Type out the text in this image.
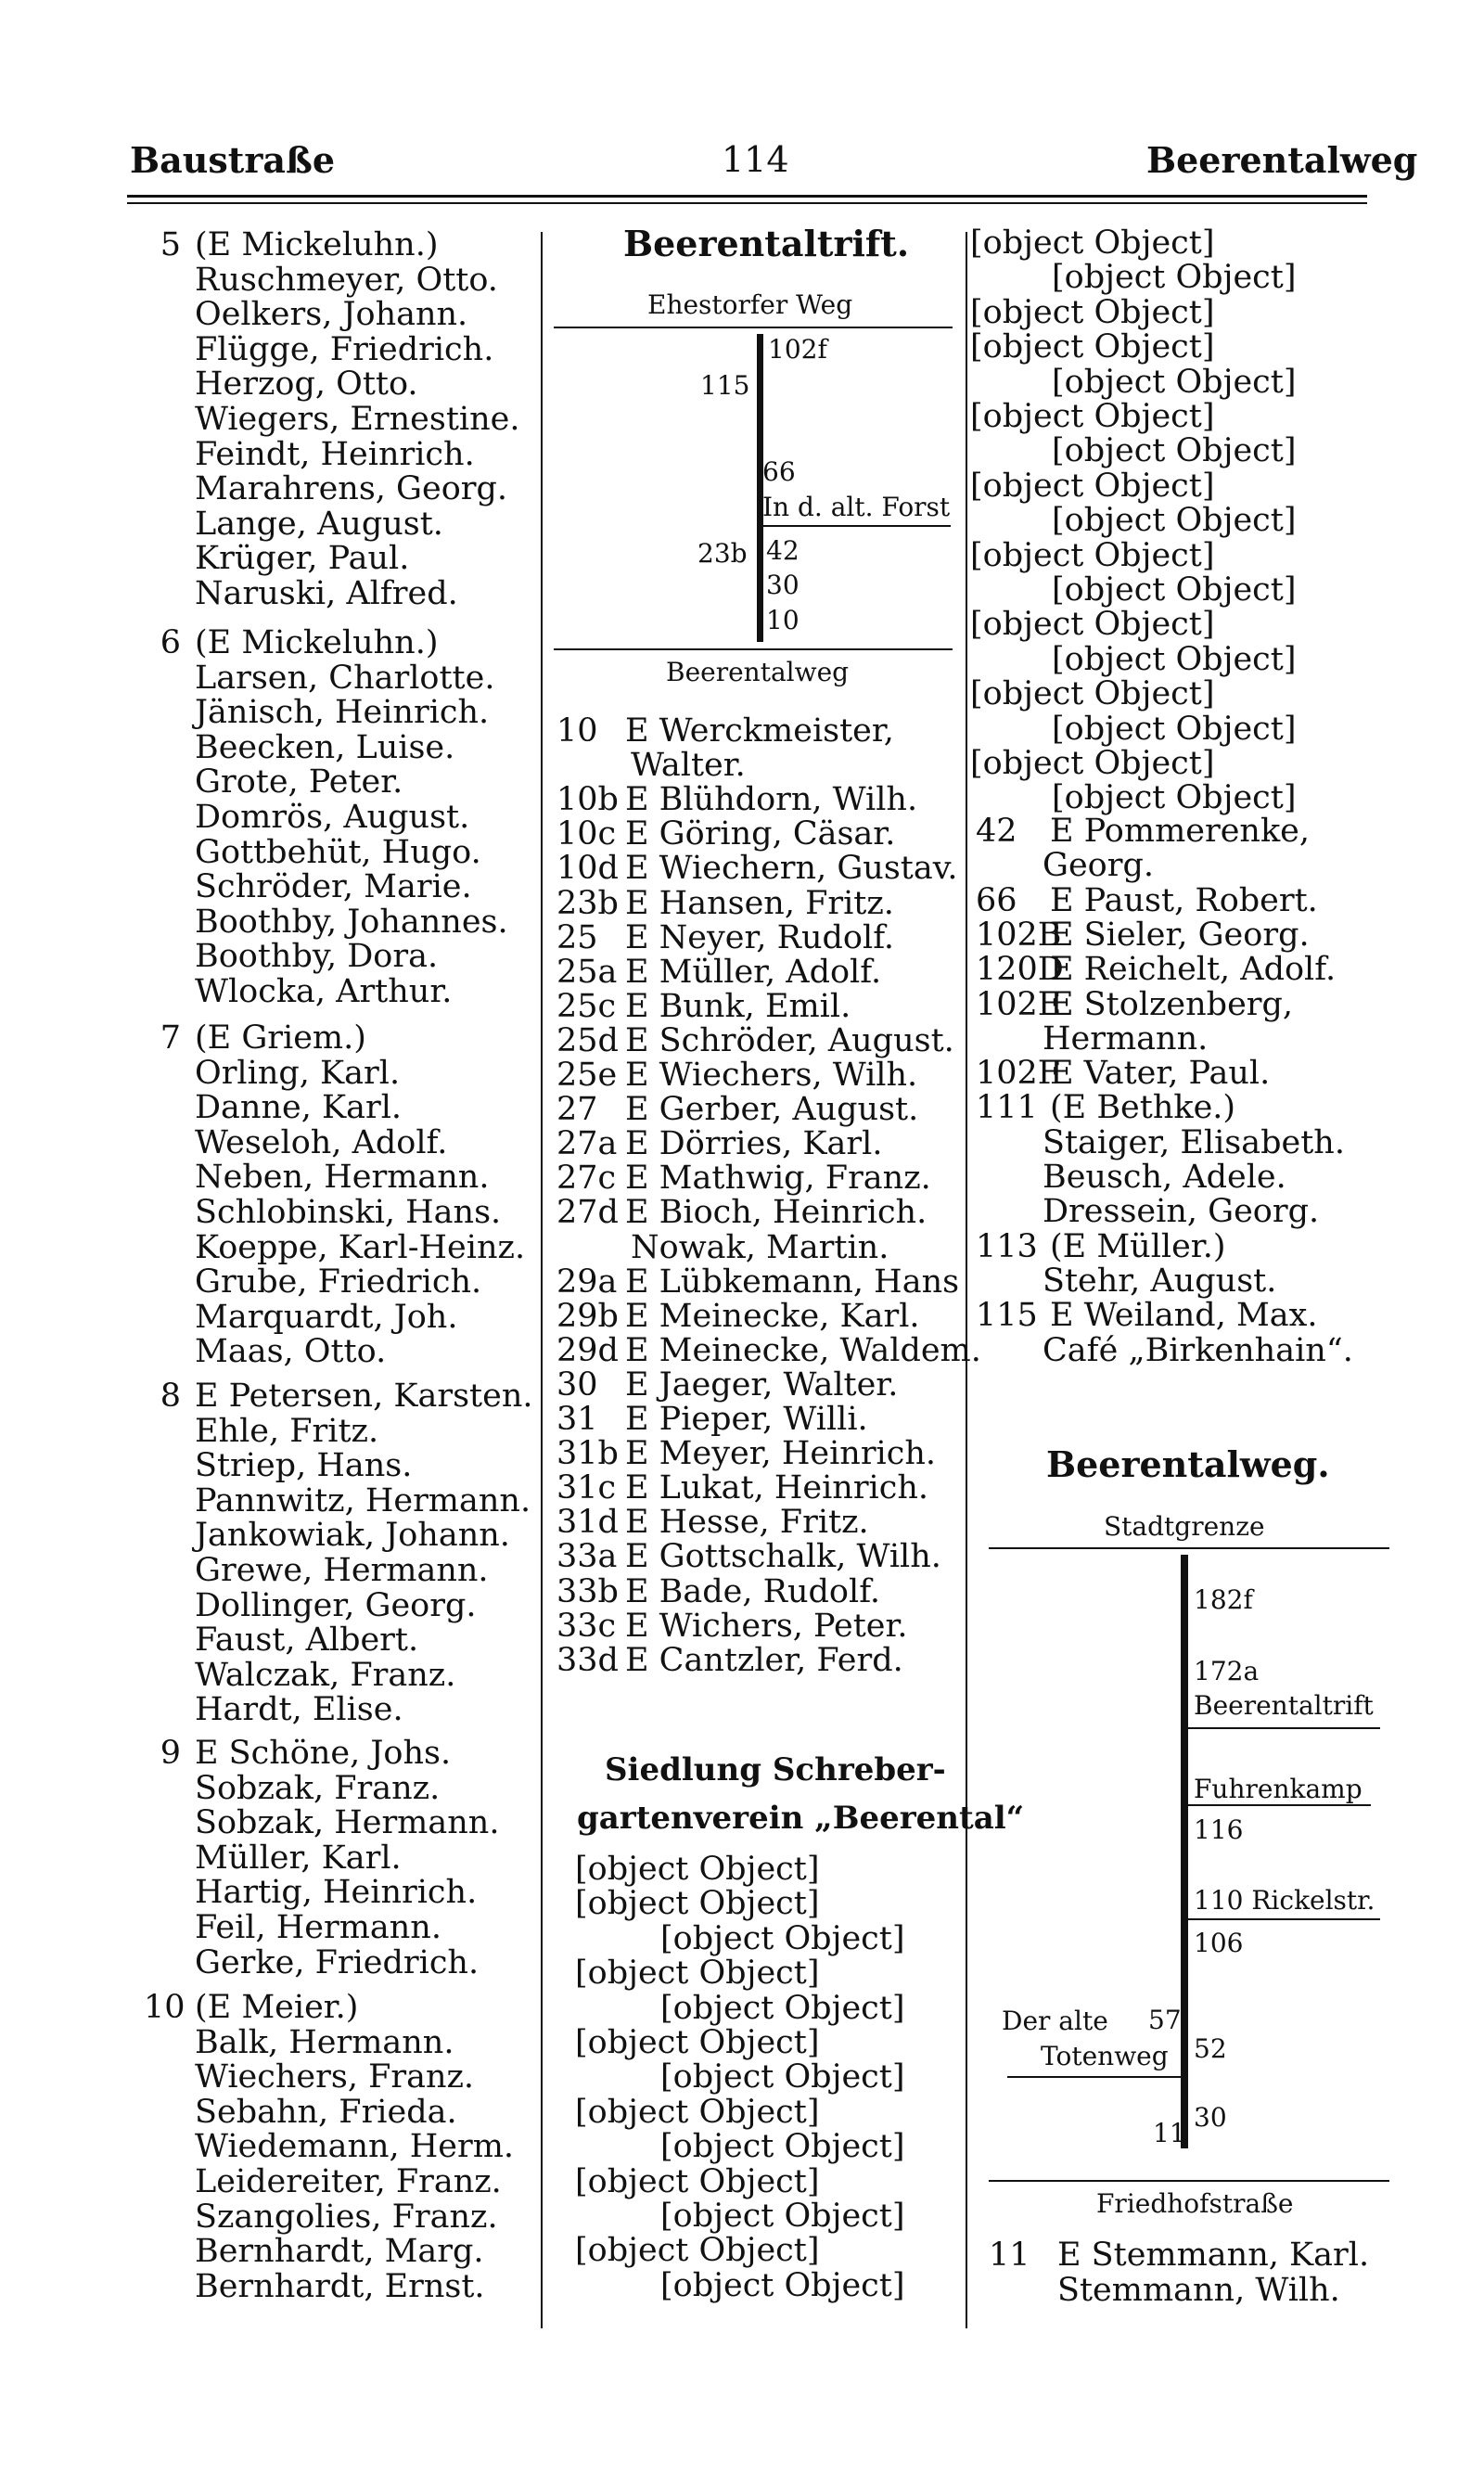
Baustraße	114	Beerentalweg
5 (E Mickeluhn.)
Ruschmeyer, Otto.
Oelkers, Johann.
Flügge, Friedrich.
Herzog, Otto.
Wiegers, Ernestine.
Feindt, Heinrich.
Marahrens, Georg.
Lange, August.
Krüger, Paul.
Naruski, Alfred.
6 (E Mickeluhn.)
Larsen, Charlotte.
Jänisch, Heinrich.
Beecken, Luise.
Grote, Peter.
Domrös, August.
Gottbehüt, Hugo.
Schröder, Marie.
Boothby, Johannes.
Boothby, Dora.
Wlocka, Arthur.
7 (E Griem.)
Orling, Karl.
Danne, Karl.
Weseloh, Adolf.
Neben, Hermann.
Schlobinski, Hans.
Koeppe, Karl-Heinz.
Grube, Friedrich.
Marquardt, Joh.
Maas, Otto.
8 E Petersen, Karsten.
Ehle, Fritz.
Striep, Hans.
Pannwitz, Hermann.
Jankowiak, Johann.
Grewe, Hermann.
Dollinger, Georg.
Faust, Albert.
Walczak, Franz.
Hardt, Elise.
9 E Schöne, Johs.
Sobzak, Franz.
Sobzak, Hermann.
Müller, Karl.
Hartig, Heinrich.
Feil, Hermann.
Gerke, Friedrich.
10 (E Meier.)
Balk, Hermann.
Wiechers, Franz.
Sebahn, Frieda.
Wiedemann, Herm.
Leidereiter, Franz.
Szangolies, Franz.
Bernhardt, Marg.
Bernhardt, Ernst.
Beerentaltrift.
Ehestorfer Weg
102f
115
66
In d. alt. Forst
23b 42
30
10
Beerentalweg
10 E Werckmeister,
Walter.
10b E Blühdorn, Wilh.
10c E Göring, Cäsar.
10d E Wiechern, Gustav.
23b E Hansen, Fritz.
25 E Neyer, Rudolf.
25a E Müller, Adolf.
25c E Bunk, Emil.
25d E Schröder, August.
25e E Wiechers, Wilh.
27 E Gerber, August.
27a E Dörries, Karl.
27c E Mathwig, Franz.
27d E Bioch, Heinrich.
Nowak, Martin.
29a E Lübkemann, Hans
29b E Meinecke, Karl.
29d E Meinecke, Waldem.
30 E Jaeger, Walter.
31 E Pieper, Willi.
31b E Meyer, Heinrich.
31c E Lukat, Heinrich.
31d E Hesse, Fritz.
33a E Gottschalk, Wilh.
33b E Bade, Rudolf.
33c E Wichers, Peter.
33d E Cantzler, Ferd.
Siedlung Schreber-
gartenverein „Beerental“
[object Object]
[object Object]
[object Object]
[object Object]
[object Object]
[object Object]
[object Object]
[object Object]
[object Object]
[object Object]
[object Object]
[object Object]
[object Object]
[object Object]
[object Object]
[object Object]
[object Object]
[object Object]
[object Object]
[object Object]
[object Object]
[object Object]
[object Object]
[object Object]
[object Object]
[object Object]
[object Object]
[object Object]
[object Object]
[object Object]
42 E Pommerenke,
Georg.
66 E Paust, Robert.
102B
E Sieler, Georg.
120D
E Reichelt, Adolf.
102E
E Stolzenberg,
Hermann.
102F
E Vater, Paul.
111 (E Bethke.)
Staiger, Elisabeth.
Beusch, Adele.
Dressein, Georg.
113 (E Müller.)
Stehr, August.
115 E Weiland, Max.
Café „Birkenhain“.
Beerentalweg.
Stadtgrenze
182f
172a
Beerentaltrift
Fuhrenkamp
116
110 Rickelstr.
106
Der alte 57
52
Totenweg
11
30
Friedhofstraße
11 E Stemmann, Karl.
Stemmann, Wilh.
